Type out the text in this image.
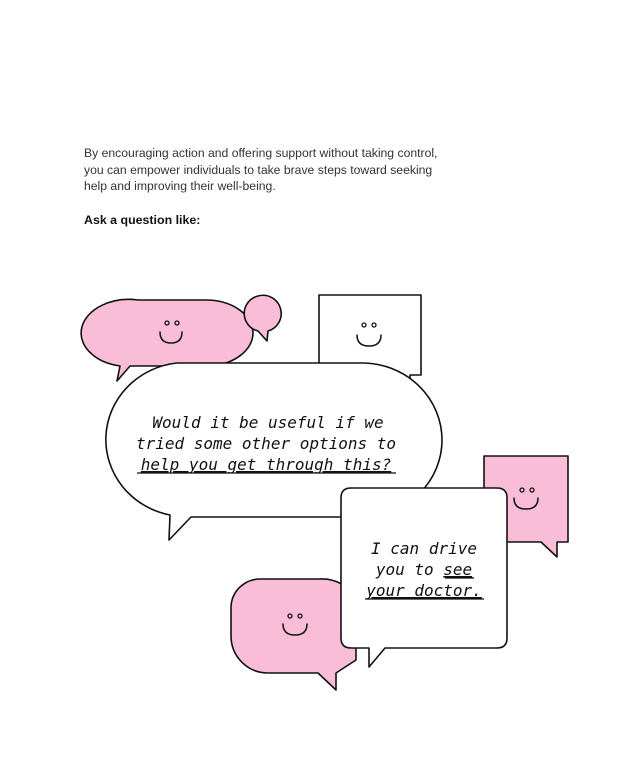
By encouraging action and offering support without taking control, you can empower individuals to take brave steps toward seeking help and improving their well-being.

Ask a question like:

Would it be useful if we
tried some other options to
help you get through this?
I can drive
you to see
your doctor.
